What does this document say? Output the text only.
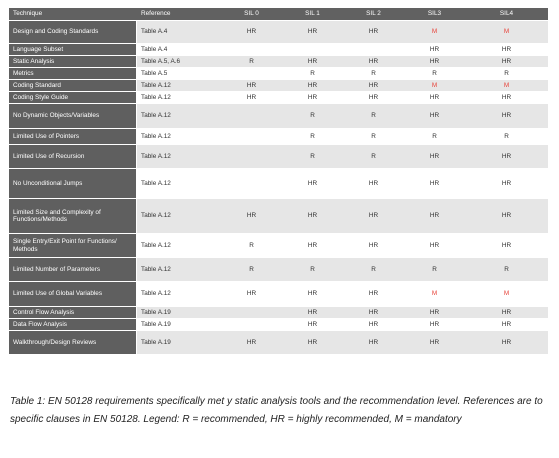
Technique	Reference	SIL 0	SIL 1	SIL 2	SIL3	SIL4
Design and Coding Standards	Table A.4	HR	HR	HR	M	M
Language Subset	Table A.4				HR	HR
Static Analysis	Table A.5, A.6	R	HR	HR	HR	HR
Metrics	Table A.5		R	R	R	R
Coding Standard	Table A.12	HR	HR	HR	M	M
Coding Style Guide	Table A.12	HR	HR	HR	HR	HR
No Dynamic Objects/Variables	Table A.12		R	R	HR	HR
Limited Use of Pointers	Table A.12		R	R	R	R
Limited Use of Recursion	Table A.12		R	R	HR	HR
No Unconditional Jumps	Table A.12		HR	HR	HR	HR
Limited Size and Complexity of Functions/Methods	Table A.12	HR	HR	HR	HR	HR
Single Entry/Exit Point for Functions/ Methods	Table A.12	R	HR	HR	HR	HR
Limited Number of Parameters	Table A.12	R	R	R	R	R
Limited Use of Global Variables	Table A.12	HR	HR	HR	M	M
Control Flow Analysis	Table A.19		HR	HR	HR	HR
Data Flow Analysis	Table A.19		HR	HR	HR	HR
Walkthrough/Design Reviews	Table A.19	HR	HR	HR	HR	HR

Table 1: EN 50128 requirements specifically met y static analysis tools and the recommendation level. References are to specific clauses in EN 50128. Legend: R = recommended, HR = highly recommended, M = mandatory
